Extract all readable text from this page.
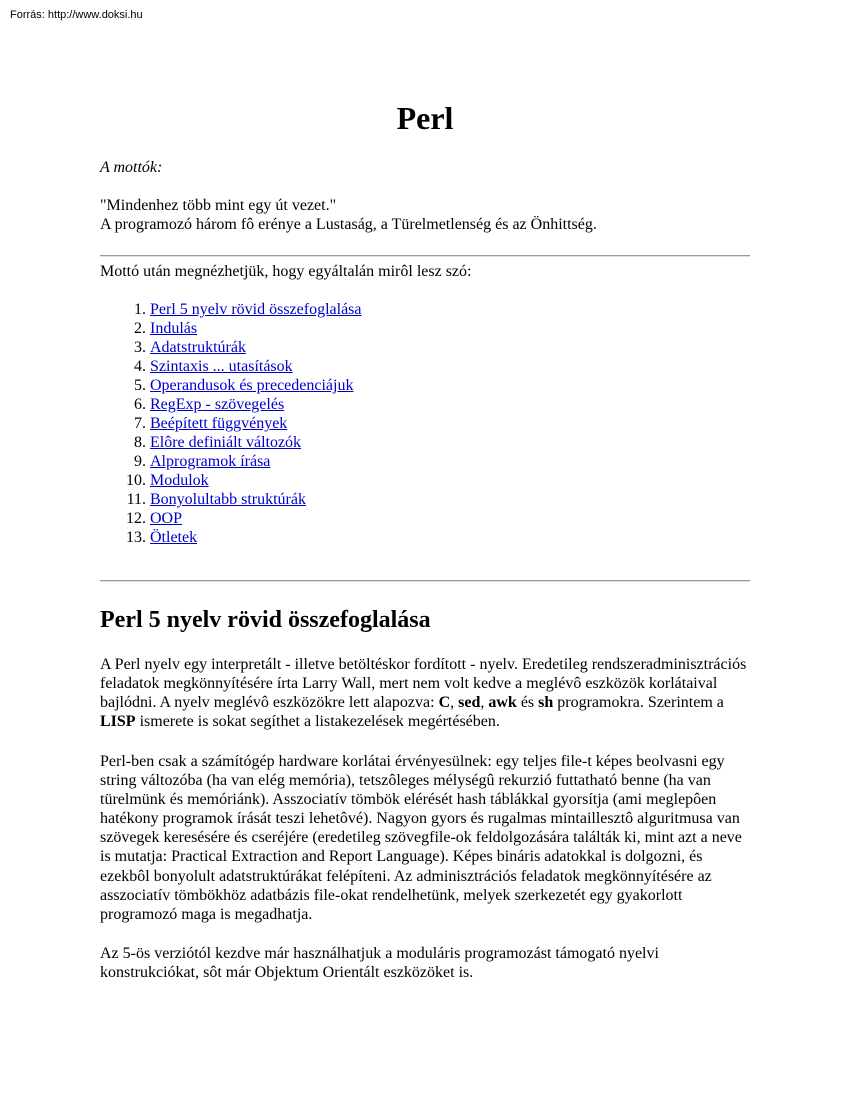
Forrás: http://www.doksi.hu
Perl
A mottók:
"Mindenhez több mint egy út vezet."
A programozó három fô erénye a Lustaság, a Türelmetlenség és az Önhittség.
Mottó után megnézhetjük, hogy egyáltalán mirôl lesz szó:
1. Perl 5 nyelv rövid összefoglalása
2. Indulás
3. Adatstruktúrák
4. Szintaxis ... utasítások
5. Operandusok és precedenciájuk
6. RegExp - szövegelés
7. Beépített függvények
8. Elôre definiált változók
9. Alprogramok írása
10. Modulok
11. Bonyolultabb struktúrák
12. OOP
13. Ötletek
Perl 5 nyelv rövid összefoglalása

A Perl nyelv egy interpretált - illetve betöltéskor fordított - nyelv. Eredetileg rendszeradminisztrációs feladatok megkönnyítésére írta Larry Wall, mert nem volt kedve a meglévô eszközök korlátaival bajlódni. A nyelv meglévô eszközökre lett alapozva: C, sed, awk és sh programokra. Szerintem a LISP ismerete is sokat segíthet a listakezelések megértésében.

Perl-ben csak a számítógép hardware korlátai érvényesülnek: egy teljes file-t képes beolvasni egy string változóba (ha van elég memória), tetszôleges mélységû rekurzió futtatható benne (ha van türelmünk és memóriánk). Asszociatív tömbök elérését hash táblákkal gyorsítja (ami meglepôen hatékony programok írását teszi lehetôvé). Nagyon gyors és rugalmas mintaillesztô alguritmusa van szövegek keresésére és cseréjére (eredetileg szövegfile-ok feldolgozására találták ki, mint azt a neve is mutatja: Practical Extraction and Report Language). Képes bináris adatokkal is dolgozni, és ezekbôl bonyolult adatstruktúrákat felépíteni. Az adminisztrációs feladatok megkönnyítésére az asszociatív tömbökhöz adatbázis file-okat rendelhetünk, melyek szerkezetét egy gyakorlott programozó maga is megadhatja.

Az 5-ös verziótól kezdve már használhatjuk a moduláris programozást támogató nyelvi konstrukciókat, sôt már Objektum Orientált eszközöket is.
